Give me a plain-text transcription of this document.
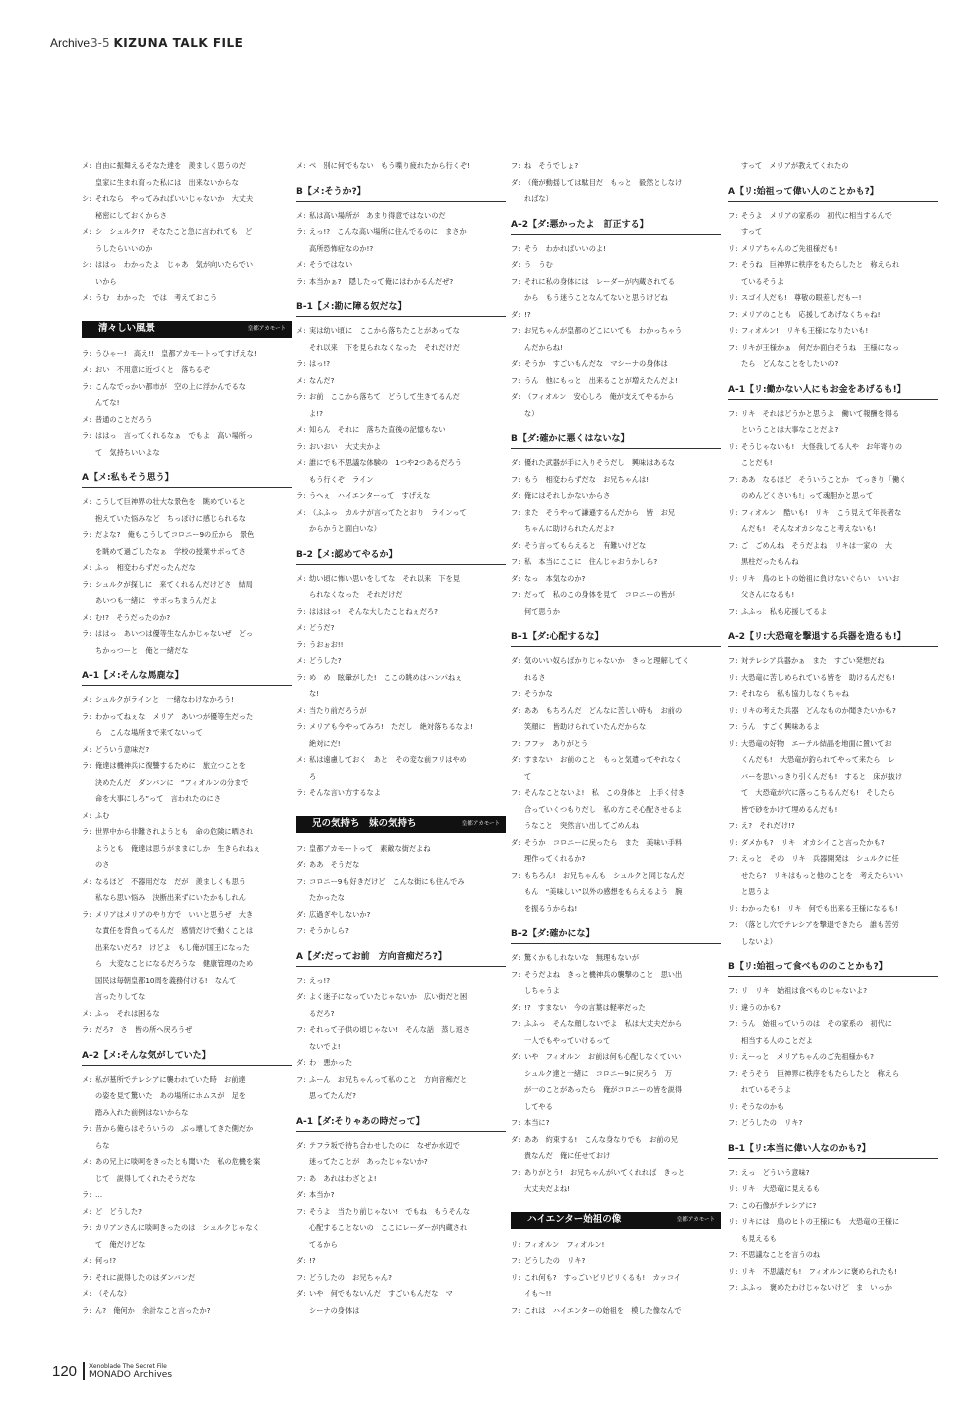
Archive3-5 KIZUNA TALK FILE
メ: 自由に振舞えるそなた達を　羨ましく思うのだ
皇家に生まれ育った私には　出来ないからな
シ: それなら　やってみればいいじゃないか　大丈夫
秘密にしておくからさ
メ: シ　シュルク!?　そなたこと急に言われても　ど
うしたらいいのか
シ: ははっ　わかったよ　じゃあ　気が向いたらでい
いから
メ: うむ　わかった　では　考えておこう
清々しい風景	皇都アカモート
ラ: うひゃー!　高え!!　皇都アカモートってすげえな!
メ: おい　不用意に近づくと　落ちるぞ
ラ: こんなでっかい都市が　空の上に浮かんでるな
んてな!
メ: 普通のことだろう
ラ: ははっ　言ってくれるなぁ　でもよ　高い場所っ
て　気持ちいいよな
A【メ:私もそう思う】
メ: こうして巨神界の壮大な景色を　眺めていると
抱えていた悩みなど　ちっぽけに感じられるな
ラ: だよな?　俺もこうしてコロニー9の丘から　景色
を眺めて過ごしたなぁ　学校の授業サボってさ
メ: ふっ　相変わらずだったんだな
ラ: シュルクが探しに　来てくれるんだけどさ　結局
あいつも一緒に　サボっちまうんだよ
メ: む!?　そうだったのか?
ラ: ははっ　あいつは優等生なんかじゃないぜ　どっ
ちかっつーと　俺と一緒だな
A-1【メ:そんな馬鹿な】
メ: シュルクがラインと　一緒なわけなかろう!
ラ: わかってねぇな　メリア　あいつが優等生だった
ら　こんな場所まで来てないって
メ: どういう意味だ?
ラ: 俺達は機神兵に復讐するために　旅立つことを
決めたんだ　ダンバンに　“フィオルンの分まで
命を大事にしろ”って　言われたのにさ
メ: ふむ
ラ: 世界中から非難されようとも　命の危険に晒され
ようとも　俺達は思うがままにしか　生きられねぇ
のさ
メ: なるほど　不器用だな　だが　羨ましくも思う
私なら思い悩み　決断出来ずにいたかもしれん
ラ: メリアはメリアのやり方で　いいと思うぜ　大き
な責任を背負ってるんだ　感情だけで動くことは
出来ないだろ?　けどよ　もし俺が国王になった
ら　大変なことになるだろうな　健康管理のため
国民は毎朝皇都10周を義務付ける!　なんて
言ったりしてな
メ: ふっ　それは困るな
ラ: だろ?　さ　皆の所へ戻ろうぜ
A-2【メ:そんな気がしていた】
メ: 私が墓所でテレシアに襲われていた時　お前達
の姿を見て驚いた　あの場所にホムスが　足を
踏み入れた前例はないからな
ラ: 昔から俺らはそういうの　ぶっ壊してきた側だか
らな
メ: あの兄上に啖呵をきったとも聞いた　私の危機を案
じて　説得してくれたそうだな
ラ: …
メ: ど　どうした?
ラ: カリアンさんに啖呵きったのは　シュルクじゃなく
て　俺だけどな
メ: 何っ!?
ラ: それに説得したのはダンバンだ
メ: （そんな）
ラ: ん?　俺何か　余計なこと言ったか?
メ: べ　別に何でもない　もう喋り疲れたから行くぞ!
B【メ:そうか?】
メ: 私は高い場所が　あまり得意ではないのだ
ラ: えっ!?　こんな高い場所に住んでるのに　まさか
高所恐怖症なのか!?
メ: そうではない
ラ: 本当かぁ?　隠したって俺にはわかるんだぜ?
B-1【メ:勘に障る奴だな】
メ: 実は幼い頃に　ここから落ちたことがあってな
それ以来　下を見られなくなった　それだけだ
ラ: はっ!?
メ: なんだ?
ラ: お前　ここから落ちて　どうして生きてるんだ
よ!?
メ: 知らん　それに　落ちた直後の記憶もない
ラ: おいおい　大丈夫かよ
メ: 誰にでも不思議な体験の　1つや2つあるだろう
もう行くぞ　ライン
ラ: うへぇ　ハイエンターって　すげえな
メ: （ふふっ　カルナが言ってたとおり　ラインって
からかうと面白いな）
B-2【メ:認めてやるか】
メ: 幼い頃に怖い思いをしてな　それ以来　下を見
られなくなった　それだけだ
ラ: はははっ!　そんな大したことねぇだろ?
メ: どうだ?
ラ: うおぉお!!
メ: どうした?
ラ: め　め　眩暈がした!　ここの眺めはハンパねぇ
な!
メ: 当たり前だろうが
ラ: メリアも今やってみろ!　ただし　絶対落ちるなよ!
絶対にだ!
メ: 私は遠慮しておく　あと　その変な前フリはやめ
ろ
ラ: そんな言い方するなよ
兄の気持ち　妹の気持ち	皇都アカモート
フ: 皇都アカモートって　素敵な街だよね
ダ: ああ　そうだな
フ: コロニー9も好きだけど　こんな街にも住んでみ
たかったな
ダ: 広過ぎやしないか?
フ: そうかしら?
A【ダ:だってお前　方向音痴だろ?】
フ: えっ!?
ダ: よく迷子になっていたじゃないか　広い街だと困
るだろ?
フ: それって子供の頃じゃない!　そんな話　蒸し返さ
ないでよ!
ダ: わ　悪かった
フ: ふーん　お兄ちゃんって私のこと　方向音痴だと
思ってたんだ?
A-1【ダ:そりゃあの時だって】
ダ: テフラ坂で待ち合わせしたのに　なぜか水辺で
迷ってたことが　あったじゃないか?
フ: あ　あれはわざとよ!
ダ: 本当か?
フ: そうよ　当たり前じゃない!　でもね　もうそんな
心配することないの　ここにレーダーが内蔵され
てるから
ダ: !?
フ: どうしたの　お兄ちゃん?
ダ: いや　何でもないんだ　すごいもんだな　マ
シーナの身体は
フ: ね　そうでしょ?
ダ: （俺が動揺しては駄目だ　もっと　毅然としなけ
ればな）
A-2【ダ:悪かったよ　訂正する】
フ: そう　わかればいいのよ!
ダ: う　うむ
フ: それに私の身体には　レーダーが内蔵されてる
から　もう迷うことなんてないと思うけどね
ダ: !?
フ: お兄ちゃんが皇都のどこにいても　わかっちゃう
んだからね!
ダ: そうか　すごいもんだな　マシーナの身体は
フ: うん　他にもっと　出来ることが増えたんだよ!
ダ: （フィオルン　安心しろ　俺が支えてやるから
な）
B【ダ:確かに悪くはないな】
ダ: 優れた武器が手に入りそうだし　興味はあるな
フ: もう　相変わらずだな　お兄ちゃんは!
ダ: 俺にはそれしかないからさ
フ: また　そうやって謙遜するんだから　皆　お兄
ちゃんに助けられたんだよ?
ダ: そう言ってもらえると　有難いけどな
フ: 私　本当にここに　住んじゃおうかしら?
ダ: なっ　本気なのか?
フ: だって　私のこの身体を見て　コロニーの皆が
何て思うか
B-1【ダ:心配するな】
ダ: 気のいい奴らばかりじゃないか　きっと理解してく
れるさ
フ: そうかな
ダ: ああ　もちろんだ　どんなに苦しい時も　お前の
笑顔に　皆助けられていたんだからな
フ: フフッ　ありがとう
ダ: すまない　お前のこと　もっと気遣ってやれなく
て
フ: そんなことないよ!　私　この身体と　上手く付き
合っていくつもりだし　私の方こそ心配させるよ
うなこと　突然言い出してごめんね
ダ: そうか　コロニーに戻ったら　また　美味い手料
理作ってくれるか?
フ: もちろん!　お兄ちゃんも　シュルクと同じなんだ
もん　“美味しい”以外の感想をもらえるよう　腕
を振るうからね!
B-2【ダ:確かにな】
ダ: 驚くかもしれないな　無理もないが
フ: そうだよね　きっと機神兵の襲撃のこと　思い出
しちゃうよ
ダ: !?　すまない　今の言葉は軽率だった
フ: ふふっ　そんな顔しないでよ　私は大丈夫だから
一人でもやっていけるって
ダ: いや　フィオルン　お前は何も心配しなくていい
シュルク達と一緒に　コロニー9に戻ろう　万
が一のことがあったら　俺がコロニーの皆を説得
してやる
フ: 本当に?
ダ: ああ　約束する!　こんな身なりでも　お前の兄
貴なんだ　俺に任せておけ
フ: ありがとう!　お兄ちゃんがいてくれれば　きっと
大丈夫だよね!
ハイエンター始祖の像	皇都アカモート
リ: フィオルン　フィオルン!
フ: どうしたの　リキ?
リ: これ何も?　すっごいビリビリくるも!　カッコイ
イも～!!
フ: これは　ハイエンターの始祖を　模した像なんで
すって　メリアが教えてくれたの
A【リ:始祖って偉い人のことかも?】
フ: そうよ　メリアの家系の　初代に相当するんで
すって
リ: メリアちゃんのご先祖様だも!
フ: そうね　巨神界に秩序をもたらしたと　称えられ
ているそうよ
リ: スゴイ人だも!　尊敬の眼差しだもー!
フ: メリアのことも　応援してあげなくちゃね!
リ: フィオルン!　リキも王様になりたいも!
フ: リキが王様かぁ　何だか面白そうね　王様になっ
たら　どんなことをしたいの?
A-1【リ:働かない人にもお金をあげるも!】
フ: リキ　それはどうかと思うよ　働いて報酬を得る
ということは大事なことだよ?
リ: そうじゃないも!　大怪我してる人や　お年寄りの
ことだも!
フ: ああ　なるほど　そういうことか　てっきり「働く
のめんどくさいも!」って魂胆かと思って
リ: フィオルン　酷いも!　リキ　こう見えて年長者な
んだも!　そんなオカシなこと考えないも!
フ: ご　ごめんね　そうだよね　リキは一家の　大
黒柱だったもんね
リ: リキ　鳥のヒトの始祖に負けないぐらい　いいお
父さんになるも!
フ: ふふっ　私も応援してるよ
A-2【リ:大恐竜を撃退する兵器を造るも!】
フ: 対テレシア兵器かぁ　また　すごい発想だね
リ: 大恐竜に苦しめられている皆を　助けるんだも!
フ: それなら　私も協力しなくちゃね
リ: リキの考えた兵器　どんなものか聞きたいかも?
フ: うん　すごく興味あるよ
リ: 大恐竜の好物　エーテル結晶を地面に置いてお
くんだも!　大恐竜が釣られてやって来たら　レ
バーを思いっきり引くんだも!　すると　床が抜け
て　大恐竜が穴に落っこちるんだも!　そしたら
皆で砂をかけて埋めるんだも!
フ: え?　それだけ!?
リ: ダメかも?　リキ　オカシイこと言ったかも?
フ: えっと　その　リキ　兵器開発は　シュルクに任
せたら?　リキはもっと他のことを　考えたらいい
と思うよ
リ: わかったも!　リキ　何でも出来る王様になるも!
フ: （落とし穴でテレシアを撃退できたら　誰も苦労
しないよ）
B【リ:始祖って食べもののことかも?】
フ: リ　リキ　始祖は食べものじゃないよ?
リ: 違うのかも?
フ: うん　始祖っていうのは　その家系の　初代に
相当する人のことだよ
リ: えーっと　メリアちゃんのご先祖様かも?
フ: そうそう　巨神界に秩序をもたらしたと　称えら
れているそうよ
リ: そうなのかも
フ: どうしたの　リキ?
B-1【リ:本当に偉い人なのかも?】
フ: えっ　どういう意味?
リ: リキ　大恐竜に見えるも
フ: この石像がテレシアに?
リ: リキには　鳥のヒトの王様にも　大恐竜の王様に
も見えるも
フ: 不思議なことを言うのね
リ: リキ　不思議だも!　フィオルンに褒められたも!
フ: ふふっ　褒めたわけじゃないけど　ま　いっか
120 Xenoblade The Secret File
MONADO Archives
